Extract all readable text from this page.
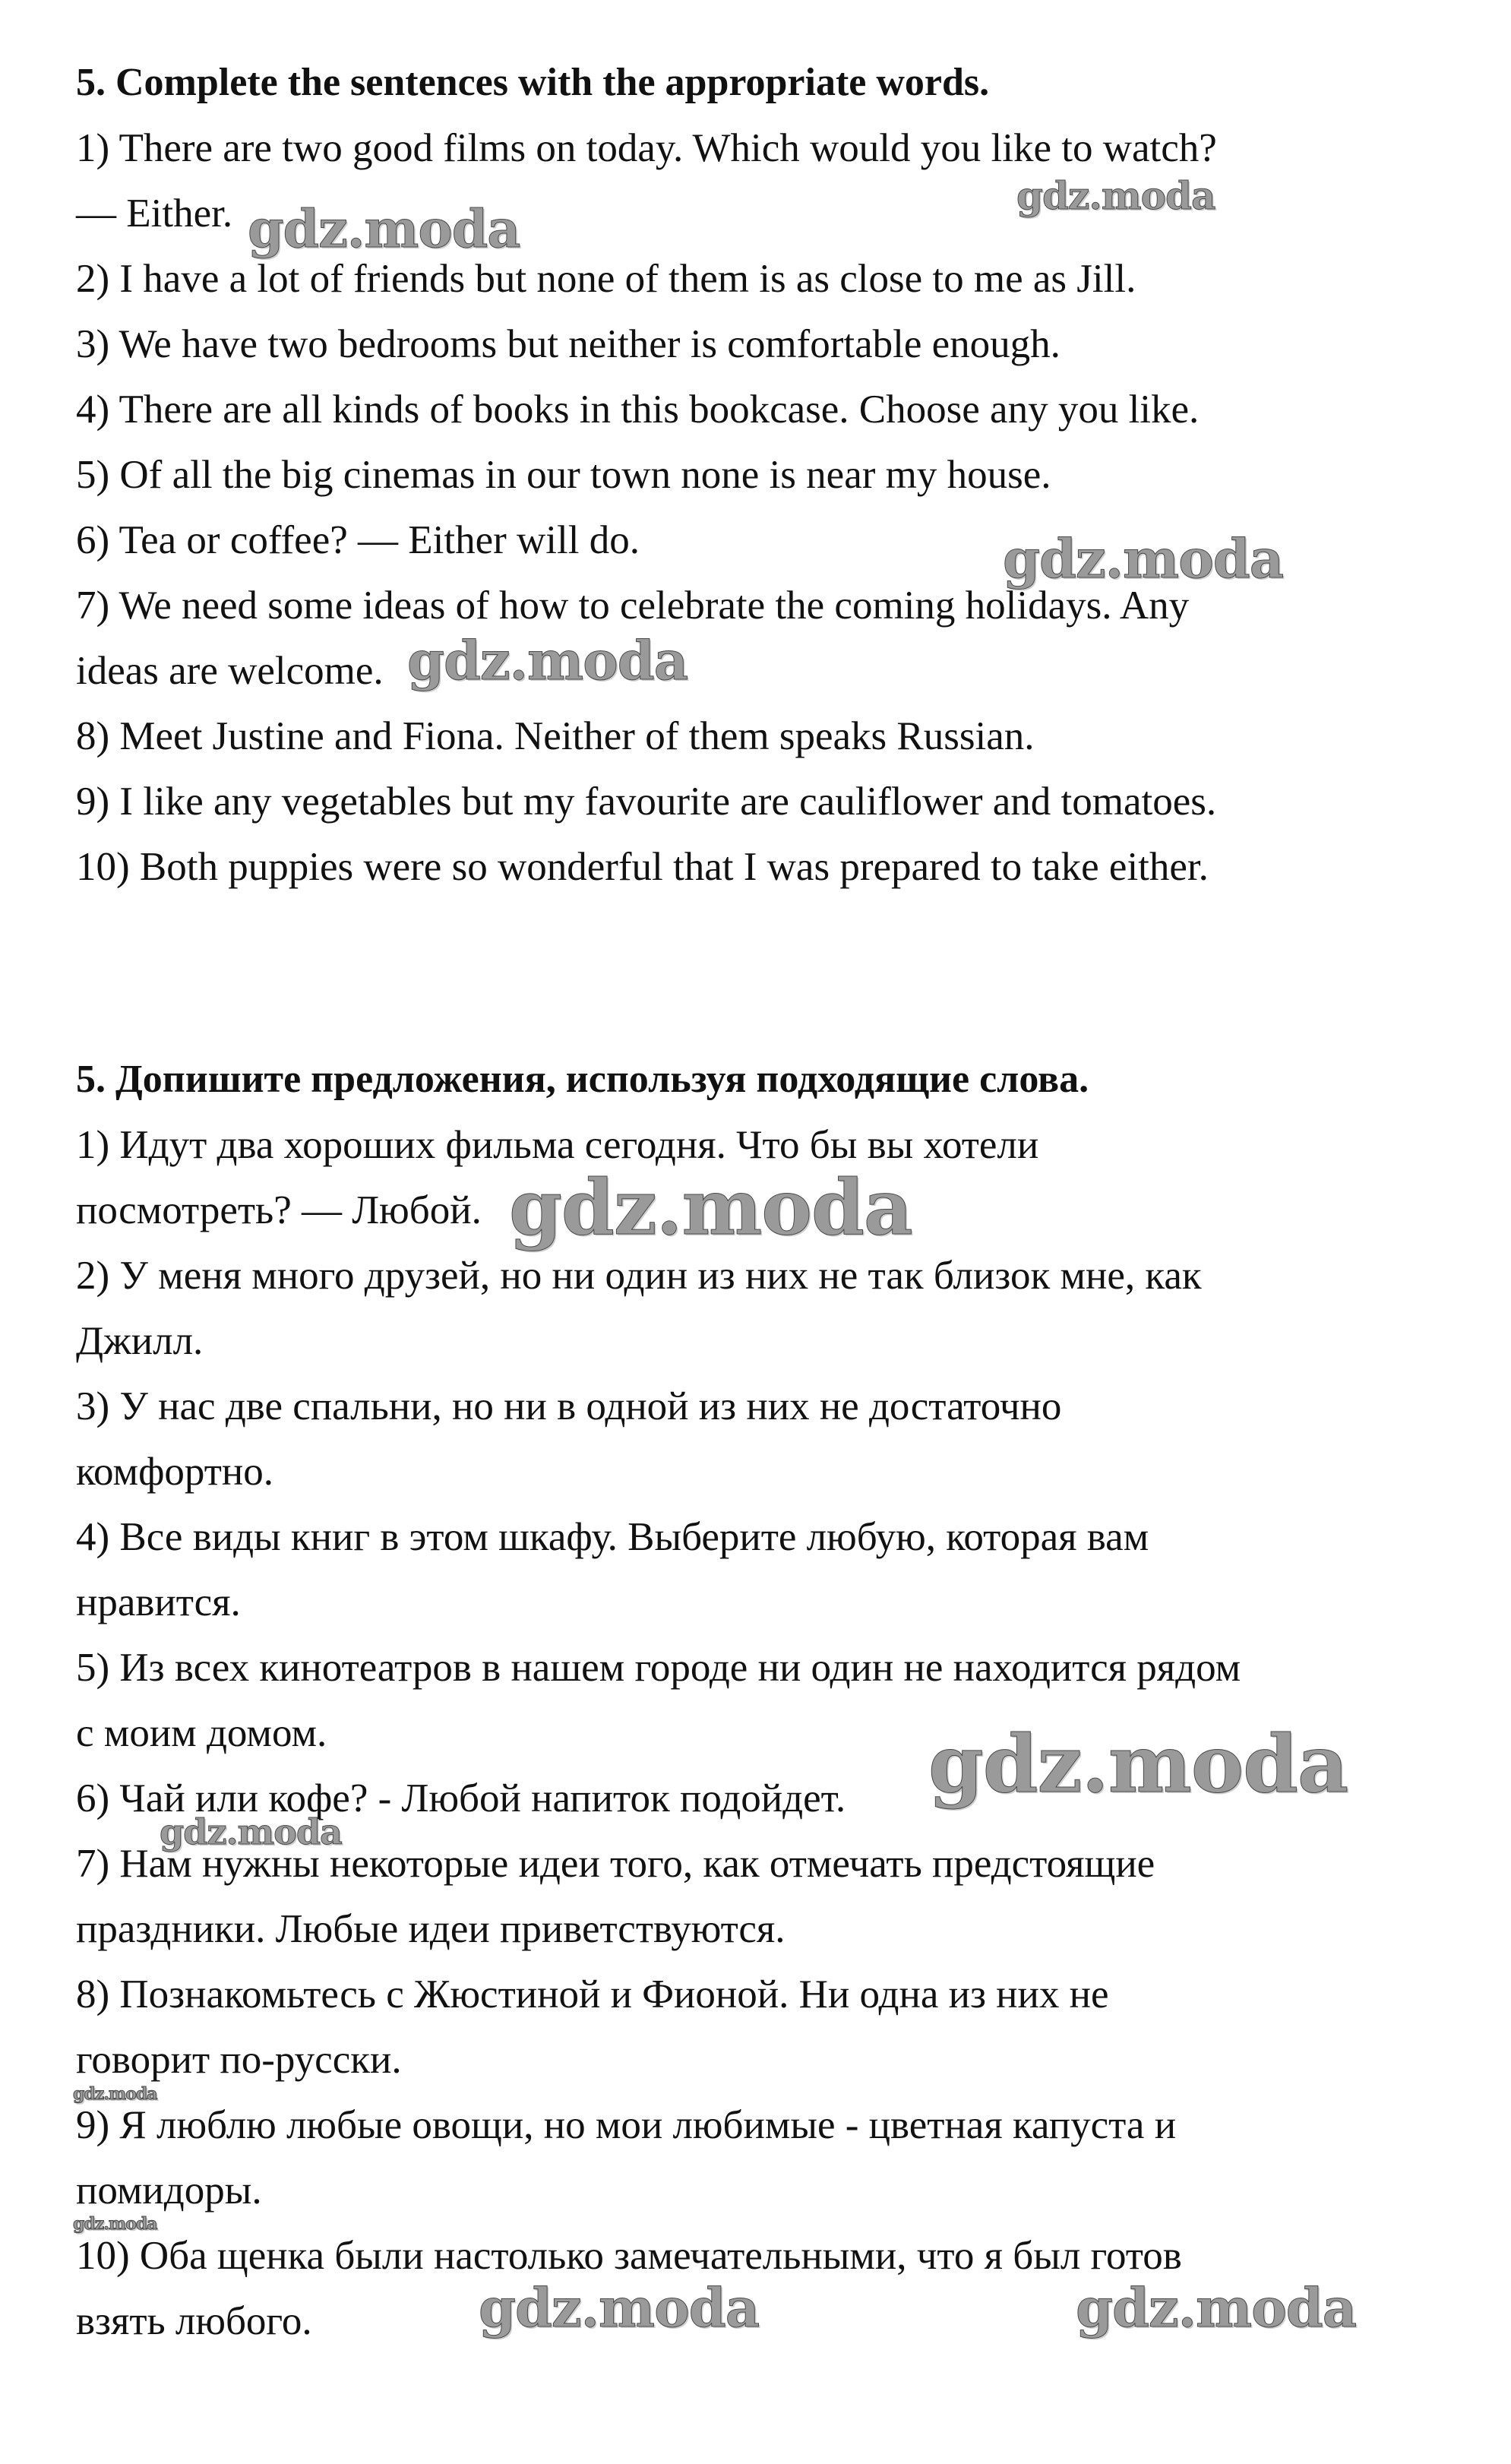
5. Complete the sentences with the appropriate words.
1) There are two good films on today. Which would you like to watch?
— Either.
2) I have a lot of friends but none of them is as close to me as Jill.
3) We have two bedrooms but neither is comfortable enough.
4) There are all kinds of books in this bookcase. Choose any you like.
5) Of all the big cinemas in our town none is near my house.
6) Tea or coffee? — Either will do.
7) We need some ideas of how to celebrate the coming holidays. Any
ideas are welcome.
8) Meet Justine and Fiona. Neither of them speaks Russian.
9) I like any vegetables but my favourite are cauliflower and tomatoes.
10) Both puppies were so wonderful that I was prepared to take either.
5. Допишите предложения, используя подходящие слова.
1) Идут два хороших фильма сегодня. Что бы вы хотели
посмотреть? — Любой.
2) У меня много друзей, но ни один из них не так близок мне, как
Джилл.
3) У нас две спальни, но ни в одной из них не достаточно
комфортно.
4) Все виды книг в этом шкафу. Выберите любую, которая вам
нравится.
5) Из всех кинотеатров в нашем городе ни один не находится рядом
с моим домом.
6) Чай или кофе? - Любой напиток подойдет.
7) Нам нужны некоторые идеи того, как отмечать предстоящие
праздники. Любые идеи приветствуются.
8) Познакомьтесь с Жюстиной и Фионой. Ни одна из них не
говорит по-русски.
9) Я люблю любые овощи, но мои любимые - цветная капуста и
помидоры.
10) Оба щенка были настолько замечательными, что я был готов
взять любого.
gdz.moda
gdz.moda
gdz.moda
gdz.moda
gdz.moda
gdz.moda
gdz.moda
gdz.moda
gdz.moda
gdz.moda	gdz.moda
